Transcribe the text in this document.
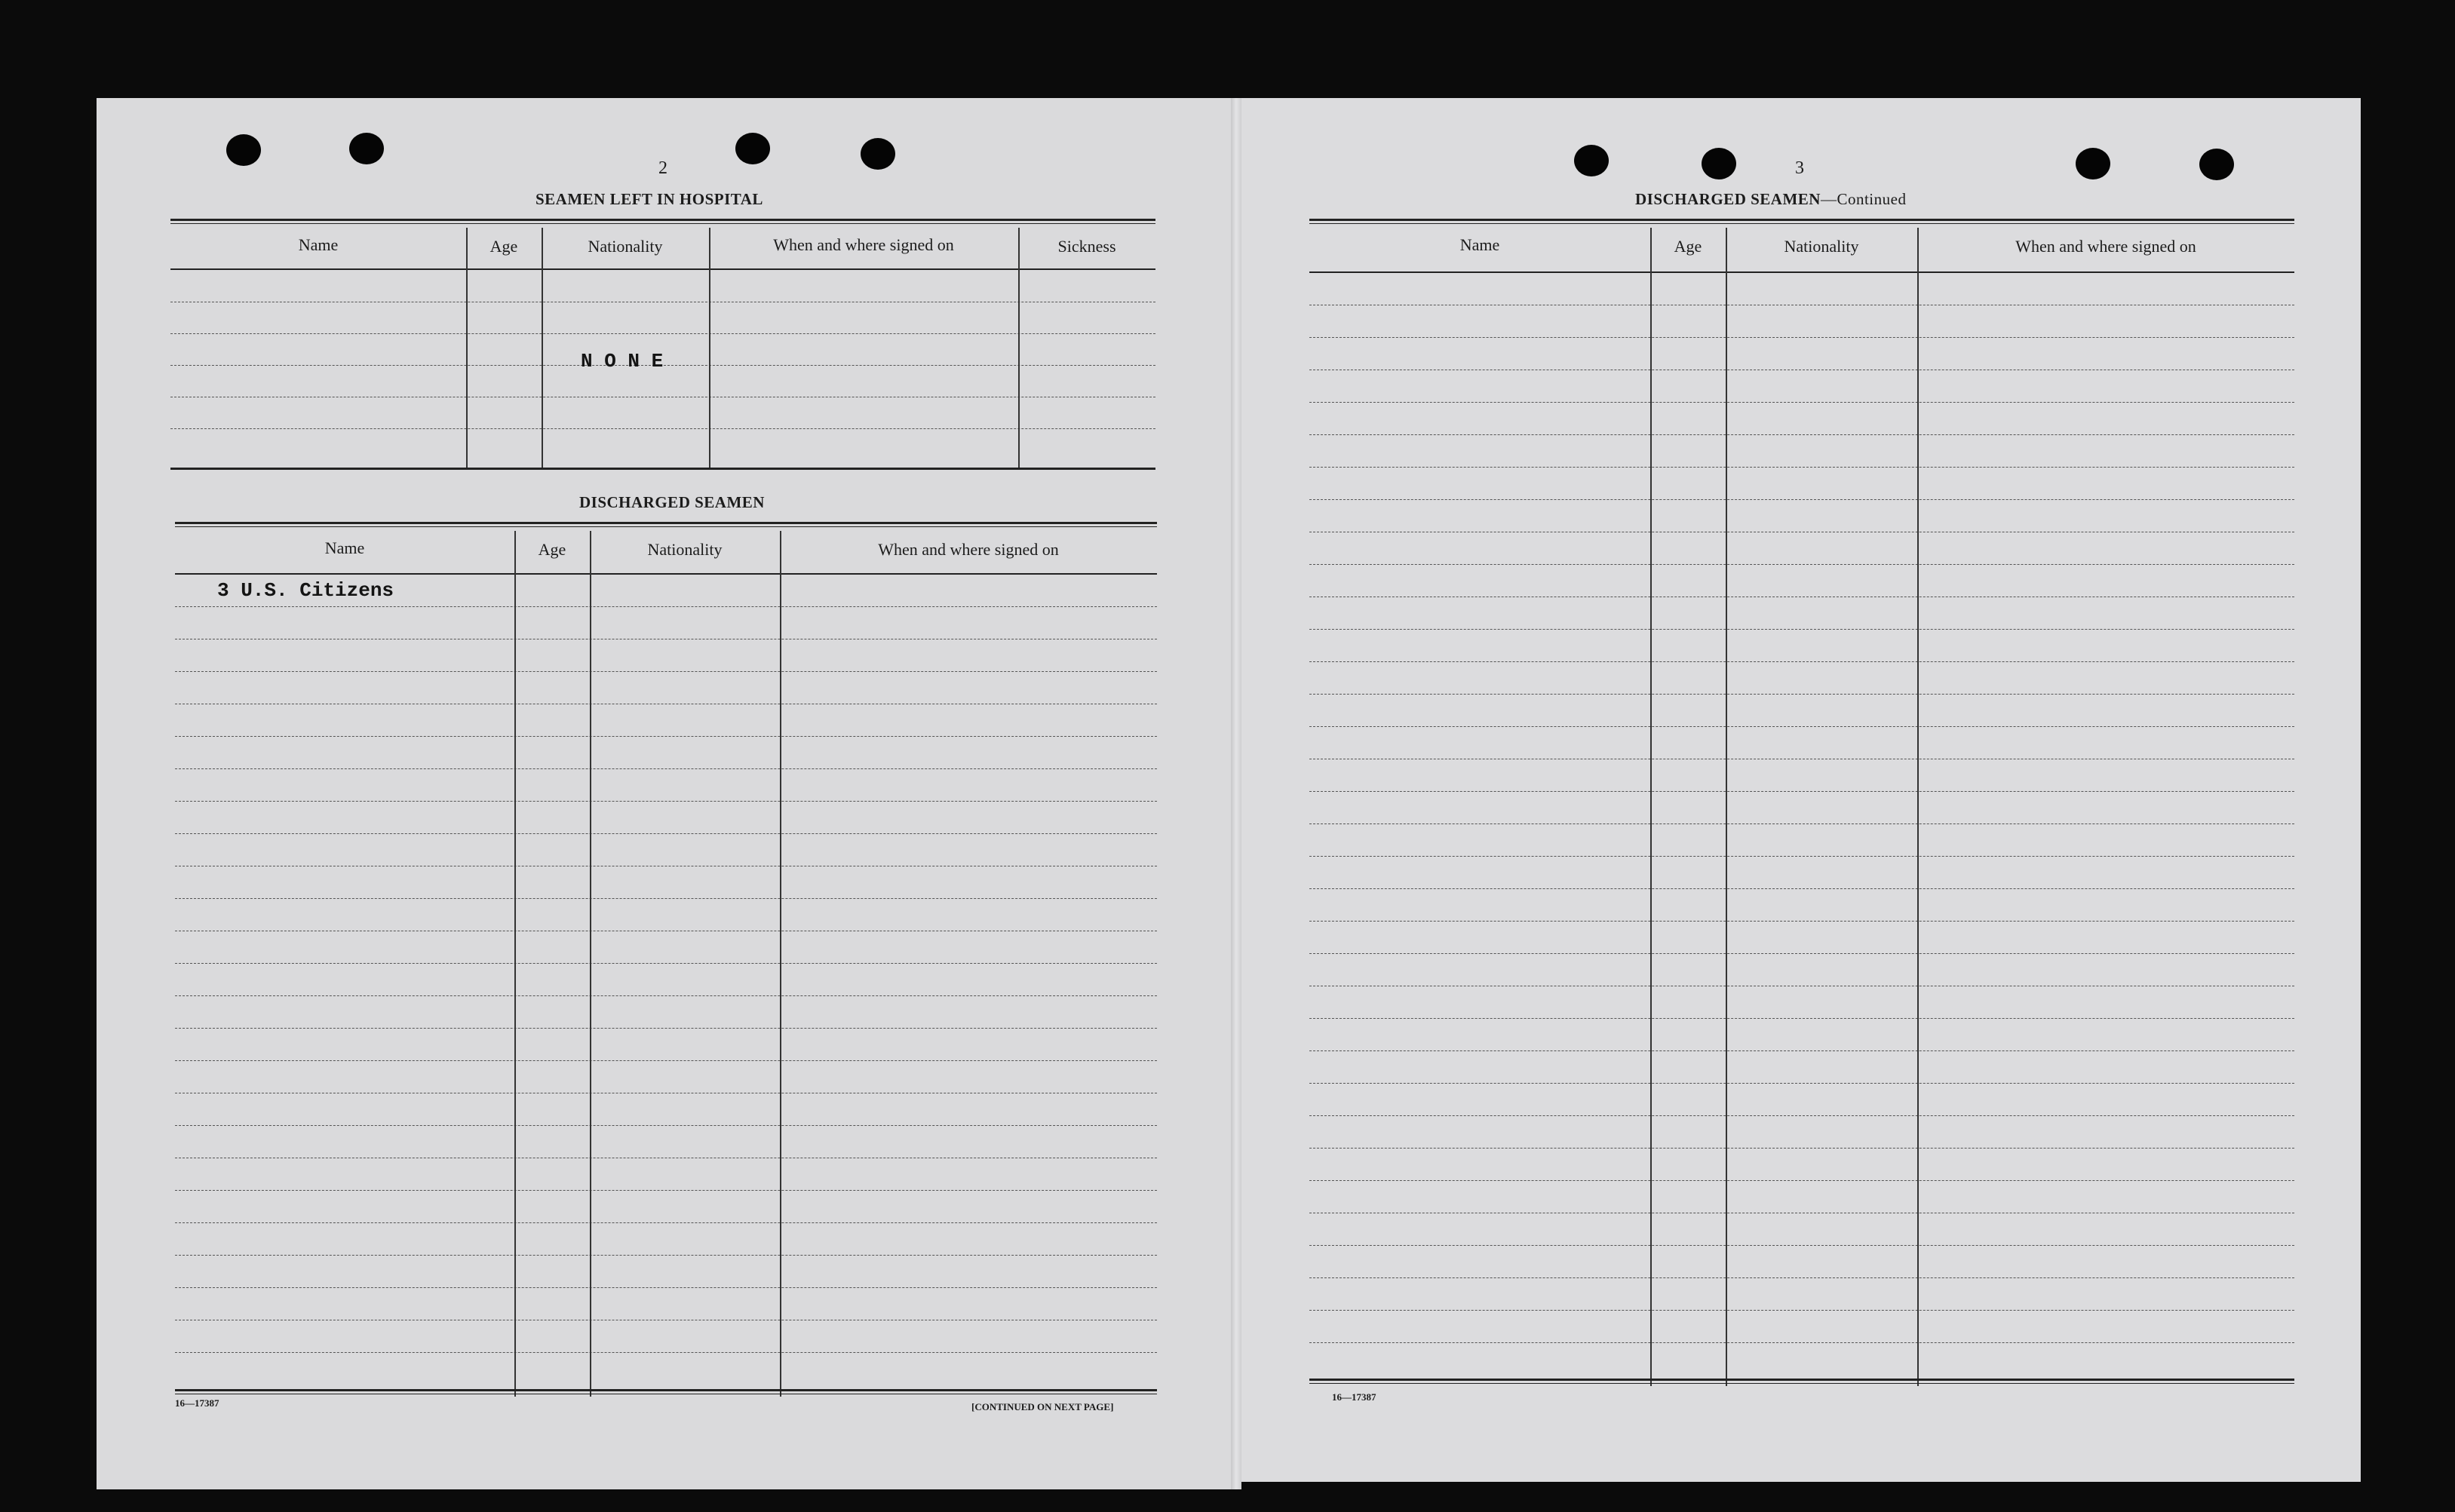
2
SEAMEN LEFT IN HOSPITAL
Name	Age	Nationality	When and where signed on	Sickness
N O N E
DISCHARGED SEAMEN
Name	Age	Nationality	When and where signed on
3 U.S. Citizens
16—17387	[CONTINUED ON NEXT PAGE]
3
DISCHARGED SEAMEN—Continued
Name	Age	Nationality	When and where signed on
16—17387
